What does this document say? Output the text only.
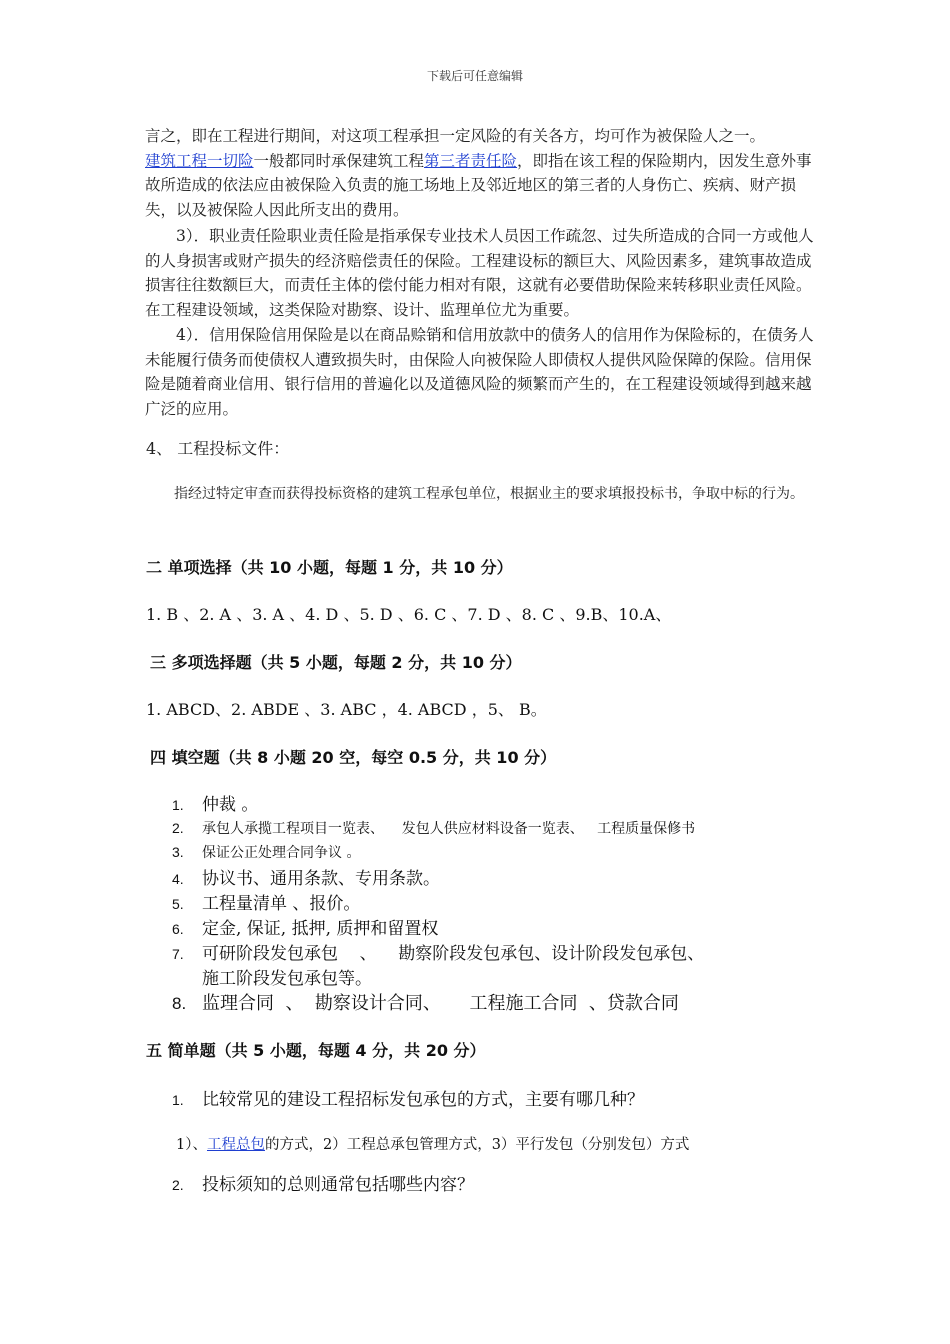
下载后可任意编辑

言之，即在工程进行期间，对这项工程承担一定风险的有关各方，均可作为被保险人之一。
建筑工程一切险一般都同时承保建筑工程第三者责任险，即指在该工程的保险期内，因发生意外事故所造成的依法应由被保险入负责的施工场地上及邻近地区的第三者的人身伤亡、疾病、财产损失，以及被保险人因此所支出的费用。

3）．职业责任险职业责任险是指承保专业技术人员因工作疏忽、过失所造成的合同一方或他人的人身损害或财产损失的经济赔偿责任的保险。工程建设标的额巨大、风险因素多，建筑事故造成损害往往数额巨大，而责任主体的偿付能力相对有限，这就有必要借助保险来转移职业责任风险。在工程建设领域，这类保险对勘察、设计、监理单位尤为重要。

4）．信用保险信用保险是以在商品赊销和信用放款中的债务人的信用作为保险标的，在债务人未能履行债务而使债权人遭致损失时，由保险人向被保险人即债权人提供风险保障的保险。信用保险是随着商业信用、银行信用的普遍化以及道德风险的频繁而产生的，在工程建设领域得到越来越广泛的应用。

4、 工程投标文件：
指经过特定审查而获得投标资格的建筑工程承包单位，根据业主的要求填报投标书，争取中标的行为。
二 单项选择（共 10 小题，每题 1 分，共 10 分）
1. B 、2. A 、3. A 、4. D 、5. D 、6. C 、7. D 、8. C 、9.B、10.A、
三 多项选择题（共 5 小题，每题 2 分，共 10 分）
1. ABCD、2. ABDE 、3. ABC ，4. ABCD ，5、 B。
四 填空题（共 8 小题 20 空，每空 0.5 分，共 10 分）
1. 仲裁 。
2. 承包人承揽工程项目一览表、    发包人供应材料设备一览表、   工程质量保修书
3. 保证公正处理合同争议 。
4. 协议书、通用条款、专用条款。
5. 工程量清单 、报价。
6. 定金, 保证, 抵押, 质押和留置权
7. 可研阶段发包承包    、    勘察阶段发包承包、设计阶段发包承包、
施工阶段发包承包等。
8. 监理合同  、  勘察设计合同、     工程施工合同  、贷款合同
五 简单题（共 5 小题，每题 4 分，共 20 分）
1. 比较常见的建设工程招标发包承包的方式，主要有哪几种？
1）、工程总包的方式，2）工程总承包管理方式，3）平行发包（分别发包）方式
2. 投标须知的总则通常包括哪些内容？
